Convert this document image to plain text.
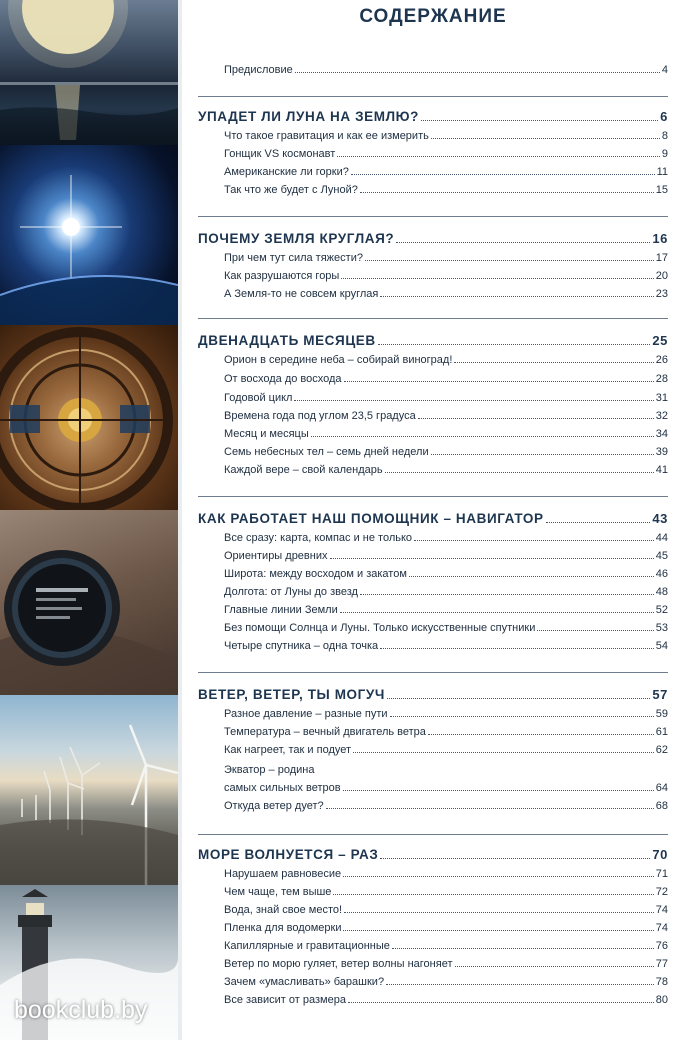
bookclub.by
СОДЕРЖАНИЕ
Предисловие	4
УПАДЕТ ЛИ ЛУНА НА ЗЕМЛЮ?	6
Что такое гравитация и как ее измерить	8
Гонщик VS космонавт	9
Американские ли горки?	11
Так что же будет с Луной?	15
ПОЧЕМУ ЗЕМЛЯ КРУГЛАЯ?	16
При чем тут сила тяжести?	17
Как разрушаются горы	20
А Земля-то не совсем круглая	23
ДВЕНАДЦАТЬ МЕСЯЦЕВ	25
Орион в середине неба – собирай виноград!	26
От восхода до восхода	28
Годовой цикл	31
Времена года под углом 23,5 градуса	32
Месяц и месяцы	34
Семь небесных тел – семь дней недели	39
Каждой вере – свой календарь	41
КАК РАБОТАЕТ НАШ ПОМОЩНИК – НАВИГАТОР	43
Все сразу: карта, компас и не только	44
Ориентиры древних	45
Широта: между восходом и закатом	46
Долгота: от Луны до звезд	48
Главные линии Земли	52
Без помощи Солнца и Луны. Только искусственные спутники	53
Четыре спутника – одна точка	54
ВЕТЕР, ВЕТЕР, ТЫ МОГУЧ	57
Разное давление – разные пути	59
Температура – вечный двигатель ветра	61
Как нагреет, так и подует	62
Экватор – родина
самых сильных ветров	64
Откуда ветер дует?	68
МОРЕ ВОЛНУЕТСЯ – РАЗ	70
Нарушаем равновесие	71
Чем чаще, тем выше	72
Вода, знай свое место!	74
Пленка для водомерки	74
Капиллярные и гравитационные	76
Ветер по морю гуляет, ветер волны нагоняет	77
Зачем «умасливать» барашки?	78
Все зависит от размера	80
